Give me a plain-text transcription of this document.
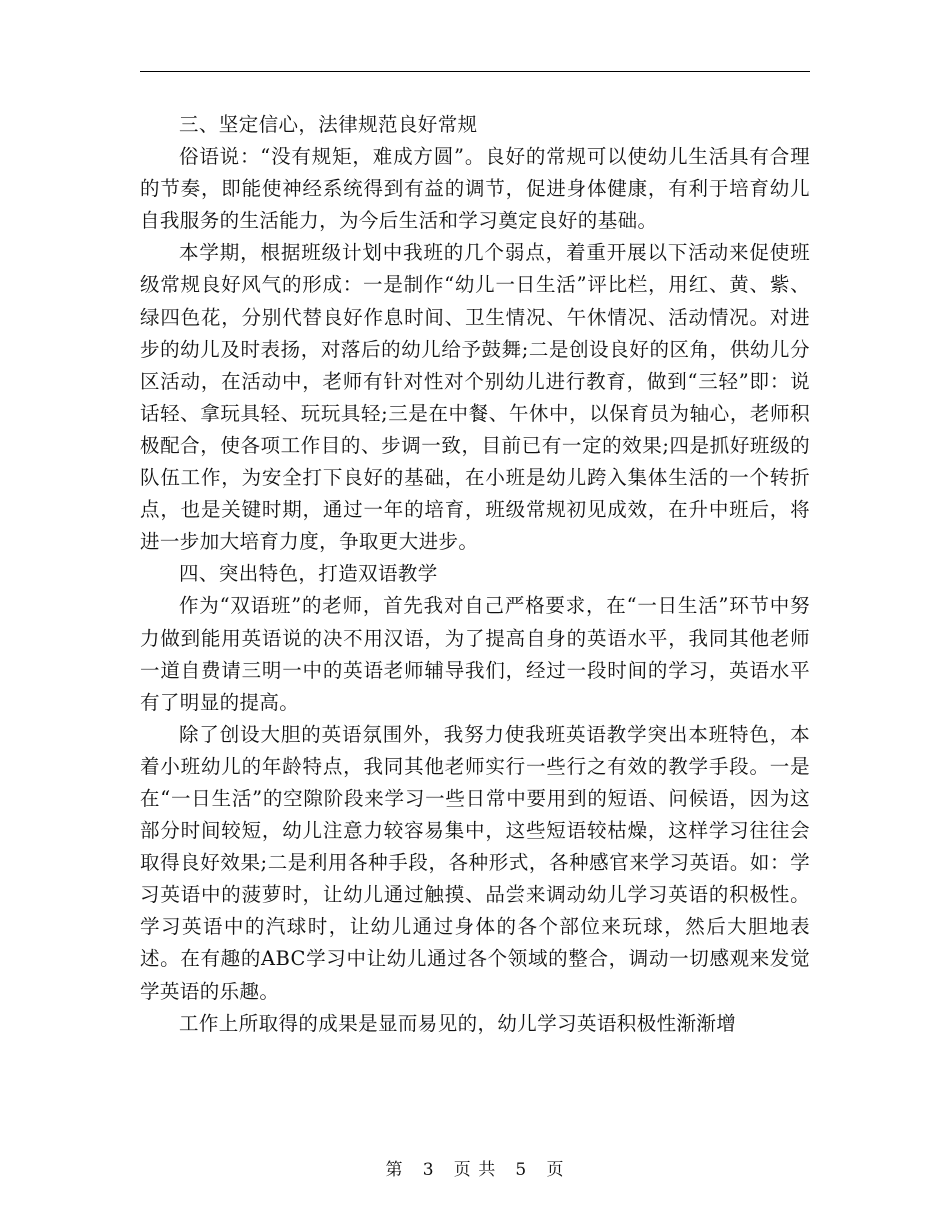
三、坚定信心，法律规范良好常规

俗语说：“没有规矩，难成方圆”。良好的常规可以使幼儿生活具有合理的节奏，即能使神经系统得到有益的调节，促进身体健康，有利于培育幼儿自我服务的生活能力，为今后生活和学习奠定良好的基础。

本学期，根据班级计划中我班的几个弱点，着重开展以下活动来促使班级常规良好风气的形成：一是制作“幼儿一日生活”评比栏，用红、黄、紫、绿四色花，分别代替良好作息时间、卫生情况、午休情况、活动情况。对进步的幼儿及时表扬，对落后的幼儿给予鼓舞;二是创设良好的区角，供幼儿分区活动，在活动中，老师有针对性对个别幼儿进行教育，做到“三轻”即：说话轻、拿玩具轻、玩玩具轻;三是在中餐、午休中，以保育员为轴心，老师积极配合，使各项工作目的、步调一致，目前已有一定的效果;四是抓好班级的队伍工作，为安全打下良好的基础，在小班是幼儿跨入集体生活的一个转折点，也是关键时期，通过一年的培育，班级常规初见成效，在升中班后，将进一步加大培育力度，争取更大进步。

四、突出特色，打造双语教学

作为“双语班”的老师，首先我对自己严格要求，在“一日生活”环节中努力做到能用英语说的决不用汉语，为了提高自身的英语水平，我同其他老师一道自费请三明一中的英语老师辅导我们，经过一段时间的学习，英语水平有了明显的提高。

除了创设大胆的英语氛围外，我努力使我班英语教学突出本班特色，本着小班幼儿的年龄特点，我同其他老师实行一些行之有效的教学手段。一是在“一日生活”的空隙阶段来学习一些日常中要用到的短语、问候语，因为这部分时间较短，幼儿注意力较容易集中，这些短语较枯燥，这样学习往往会取得良好效果;二是利用各种手段，各种形式，各种感官来学习英语。如：学习英语中的菠萝时，让幼儿通过触摸、品尝来调动幼儿学习英语的积极性。学习英语中的汽球时，让幼儿通过身体的各个部位来玩球，然后大胆地表述。在有趣的ABC学习中让幼儿通过各个领域的整合，调动一切感观来发觉学英语的乐趣。

工作上所取得的成果是显而易见的，幼儿学习英语积极性渐渐增

第 3 页 共 5 页
